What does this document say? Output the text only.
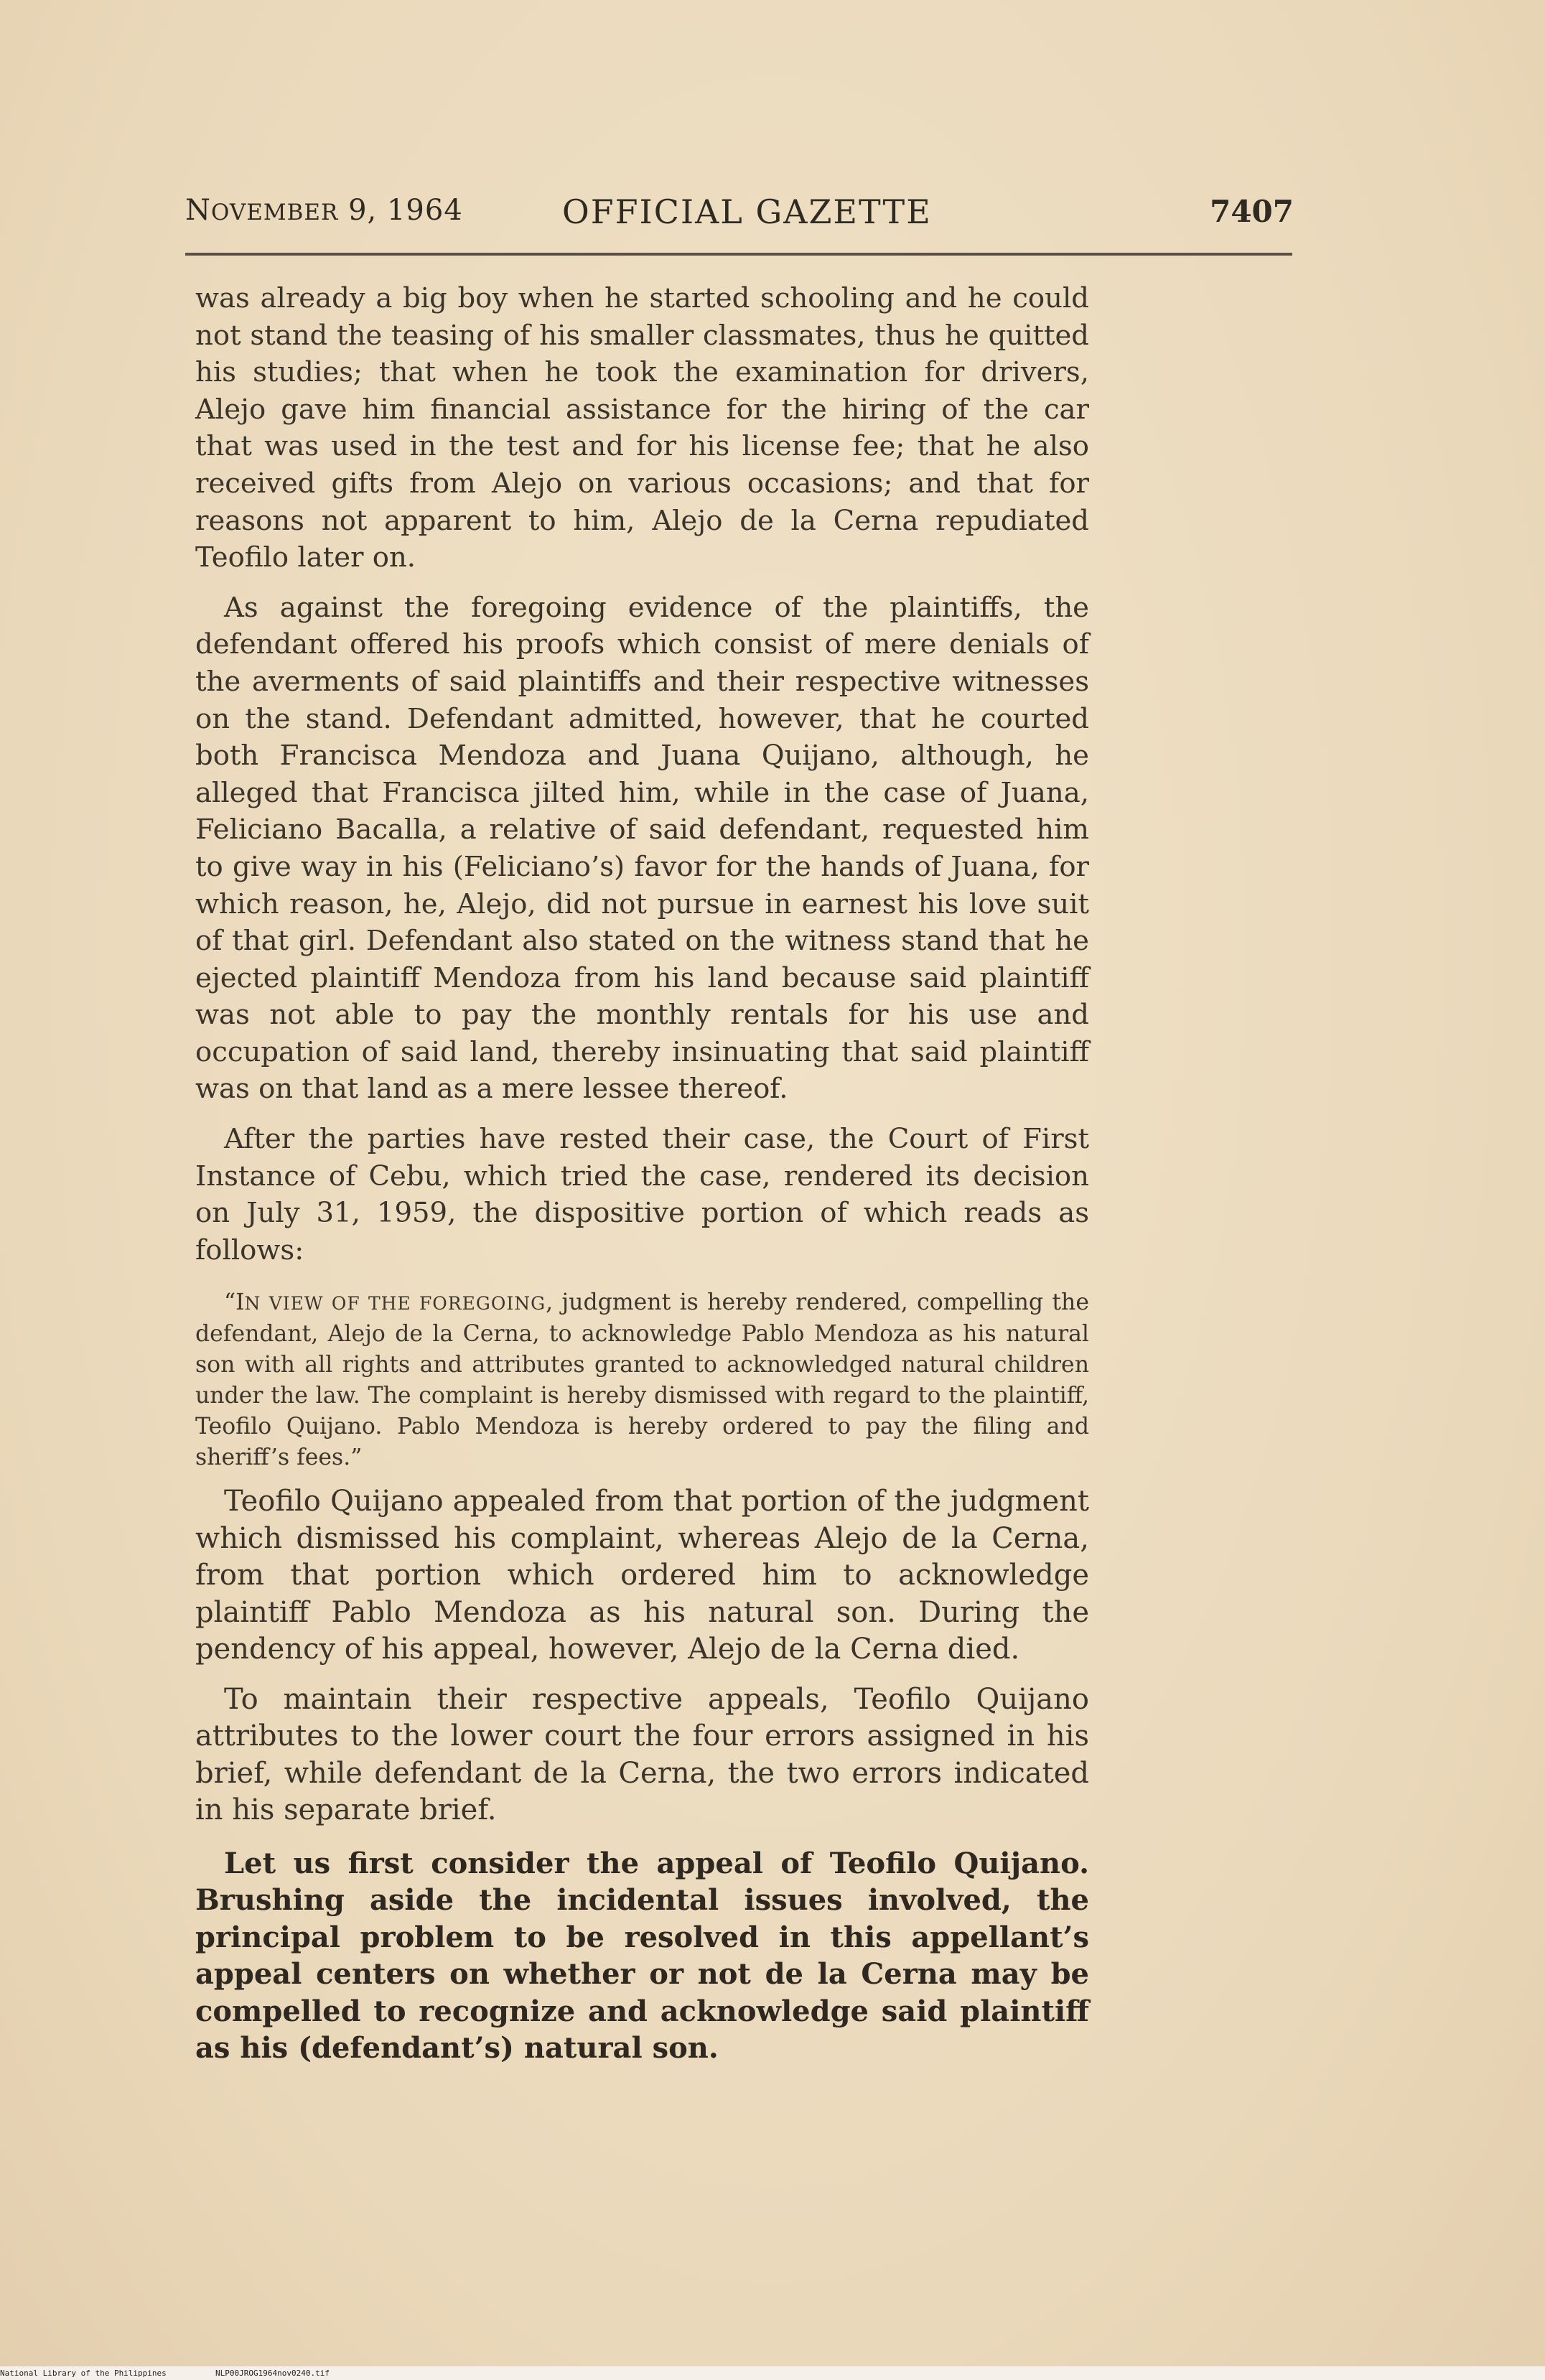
NOVEMBER 9, 1964	OFFICIAL GAZETTE	7407

was already a big boy when he started schooling and he could not stand the teasing of his smaller classmates, thus he quitted his studies; that when he took the examination for drivers, Alejo gave him financial assistance for the hiring of the car that was used in the test and for his license fee; that he also received gifts from Alejo on various occasions; and that for reasons not apparent to him, Alejo de la Cerna repudiated Teofilo later on.

As against the foregoing evidence of the plaintiffs, the defendant offered his proofs which consist of mere denials of the averments of said plaintiffs and their respective witnesses on the stand. Defendant admitted, however, that he courted both Francisca Mendoza and Juana Quijano, although, he alleged that Francisca jilted him, while in the case of Juana, Feliciano Bacalla, a relative of said defendant, requested him to give way in his (Feliciano’s) favor for the hands of Juana, for which reason, he, Alejo, did not pursue in earnest his love suit of that girl. Defendant also stated on the witness stand that he ejected plaintiff Mendoza from his land because said plaintiff was not able to pay the monthly rentals for his use and occupation of said land, thereby insinuating that said plaintiff was on that land as a mere lessee thereof.

After the parties have rested their case, the Court of First Instance of Cebu, which tried the case, rendered its decision on July 31, 1959, the dispositive portion of which reads as follows:

“IN VIEW OF THE FOREGOING, judgment is hereby rendered, compelling the defendant, Alejo de la Cerna, to acknowledge Pablo Mendoza as his natural son with all rights and attributes granted to acknowledged natural children under the law. The complaint is hereby dismissed with regard to the plaintiff, Teofilo Quijano. Pablo Mendoza is hereby ordered to pay the filing and sheriff’s fees.”

Teofilo Quijano appealed from that portion of the judgment which dismissed his complaint, whereas Alejo de la Cerna, from that portion which ordered him to acknowledge plaintiff Pablo Mendoza as his natural son. During the pendency of his appeal, however, Alejo de la Cerna died.

To maintain their respective appeals, Teofilo Quijano attributes to the lower court the four errors assigned in his brief, while defendant de la Cerna, the two errors indicated in his separate brief.

Let us first consider the appeal of Teofilo Quijano. Brushing aside the incidental issues involved, the principal problem to be resolved in this appellant’s appeal centers on whether or not de la Cerna may be compelled to recognize and acknowledge said plaintiff as his (defendant’s) natural son.

National Library of the Philippines	NLP00JROG1964nov0240.tif
